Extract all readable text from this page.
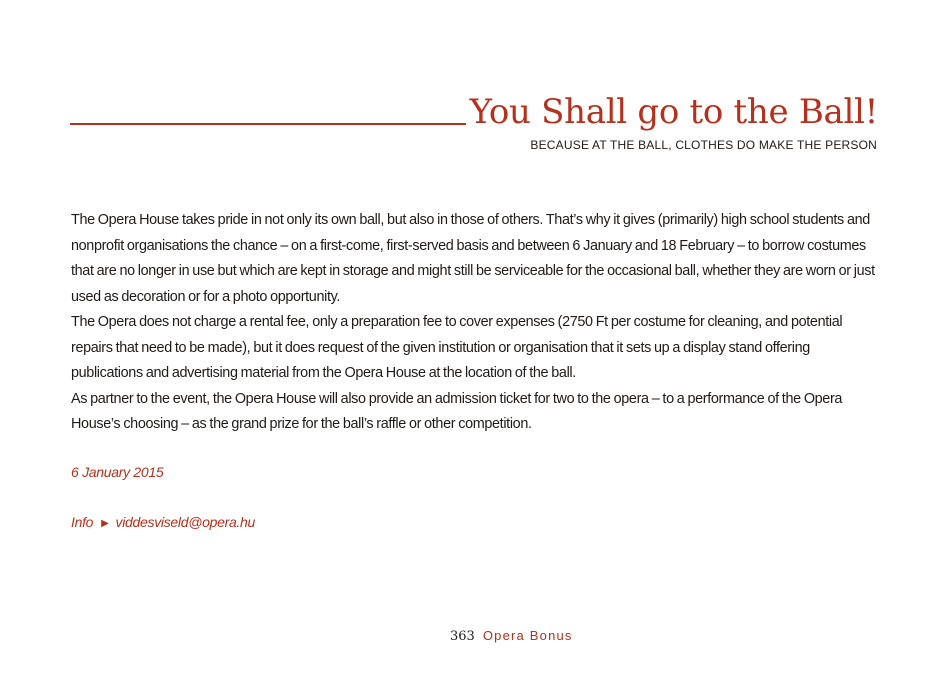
You Shall go to the Ball!
BECAUSE AT THE BALL, CLOTHES DO MAKE THE PERSON

The Opera House takes pride in not only its own ball, but also in those of others. That’s why it gives (primarily) high school students and nonprofit organisations the chance – on a first-come, first-served basis and between 6 January and 18 February – to borrow costumes that are no longer in use but which are kept in storage and might still be serviceable for the occasional ball, whether they are worn or just used as decoration or for a photo opportunity.

The Opera does not charge a rental fee, only a preparation fee to cover expenses (2750 Ft per costume for cleaning, and potential repairs that need to be made), but it does request of the given institution or organisation that it sets up a display stand offering publications and advertising material from the Opera House at the location of the ball.

As partner to the event, the Opera House will also provide an admission ticket for two to the opera – to a performance of the Opera House’s choosing – as the grand prize for the ball’s raffle or other competition.

6 January 2015
Info ▶ viddesviseld@opera.hu
363 Opera Bonus
